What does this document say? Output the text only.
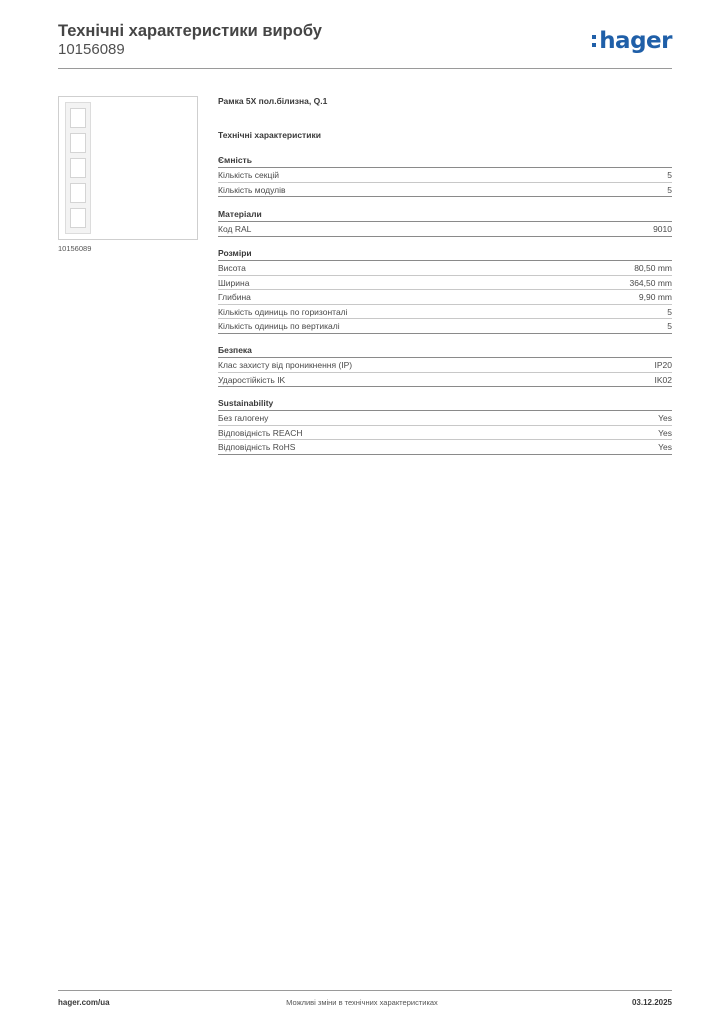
Технічні характеристики виробу
10156089	hager
10156089
Рамка 5Х пол.білизна, Q.1
Технічні характеристики
Ємність
Кількість секцій	5
Кількість модулів	5
Матеріали
Код RAL	9010
Розміри
Висота	80,50 mm
Ширина	364,50 mm
Глибина	9,90 mm
Кількість одиниць по горизонталі	5
Кількість одиниць по вертикалі	5
Безпека
Клас захисту від проникнення (IP)	IP20
Ударостійкість IK	IK02
Sustainability
Без галогену	Yes
Відповідність REACH	Yes
Відповідність RoHS	Yes
hager.com/ua	Можливі зміни в технічних характеристиках	03.12.2025
